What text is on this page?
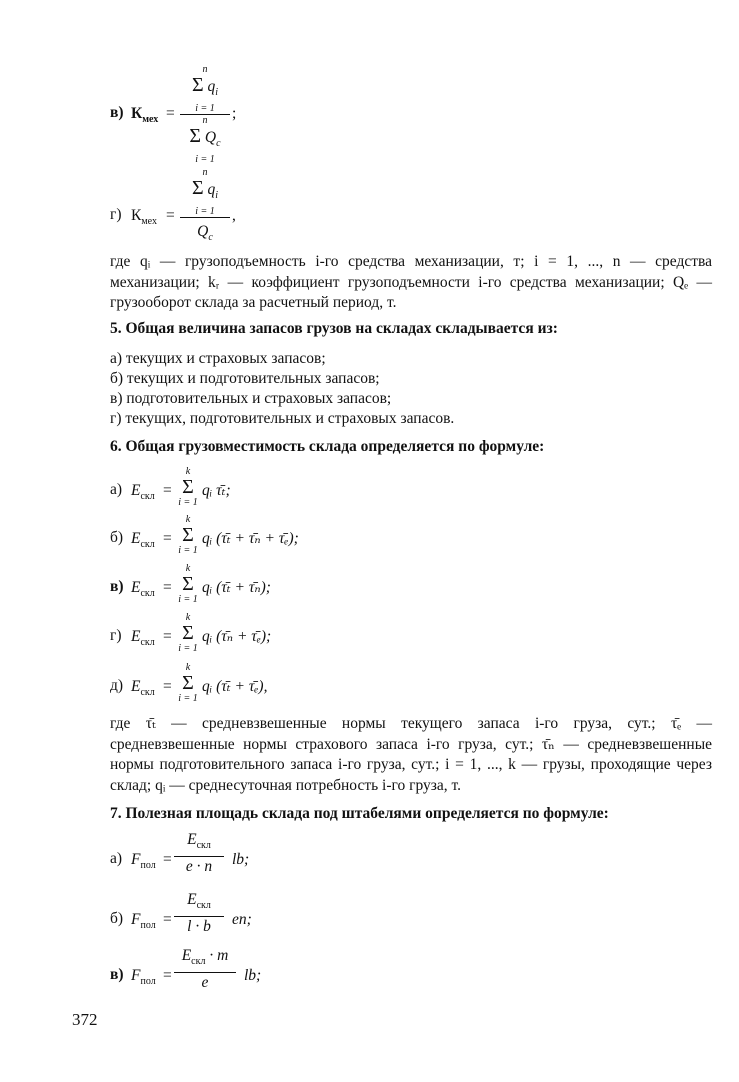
в) $К_{мех}$ =
n
Σ $q_i$
i = 1
n
Σ $Q_c$
i = 1
;
г) $К_{мех}$ =
n
Σ $q_i$
i = 1
$Q_c$
,
где qᵢ — грузоподъемность i-го средства механизации, т; i = 1, ..., n — средства механизации; kᵣ — коэффициент грузоподъемности i-го средства механизации; Qₑ — грузооборот склада за расчетный период, т.
5. Общая величина запасов грузов на складах складывается из:
а) текущих и страховых запасов;
б) текущих и подготовительных запасов;
в) подготовительных и страховых запасов;
г) текущих, подготовительных и страховых запасов.
6. Общая грузовместимость склада определяется по формуле:
а) $E_{скл}$ =
k
Σ
i = 1
qᵢ τ̄ₜ;
б) $E_{скл}$ =
k
Σ
i = 1
qᵢ (τ̄ₜ + τ̄ₙ + τ̄ₑ);
в) $E_{скл}$ =
k
Σ
i = 1
qᵢ (τ̄ₜ + τ̄ₙ);
г) $E_{скл}$ =
k
Σ
i = 1
qᵢ (τ̄ₙ + τ̄ₑ);
д) $E_{скл}$ =
k
Σ
i = 1
qᵢ (τ̄ₜ + τ̄ₑ),
где τ̄ₜ — средневзвешенные нормы текущего запаса i-го груза, сут.; τ̄ₑ — средневзвешенные нормы страхового запаса i-го груза, сут.; τ̄ₙ — средневзвешенные нормы подготовительного запаса i-го груза, сут.; i = 1, ..., k — грузы, проходящие через склад; qᵢ — среднесуточная потребность i-го груза, т.
7. Полезная площадь склада под штабелями определяется по формуле:
а) $F_{пол}$ =
$E_{скл}$
e · n lb;
б) $F_{пол}$ =
$E_{скл}$
l · b en;
в) $F_{пол}$ =
$E_{скл} \cdot m$
e lb;
372
